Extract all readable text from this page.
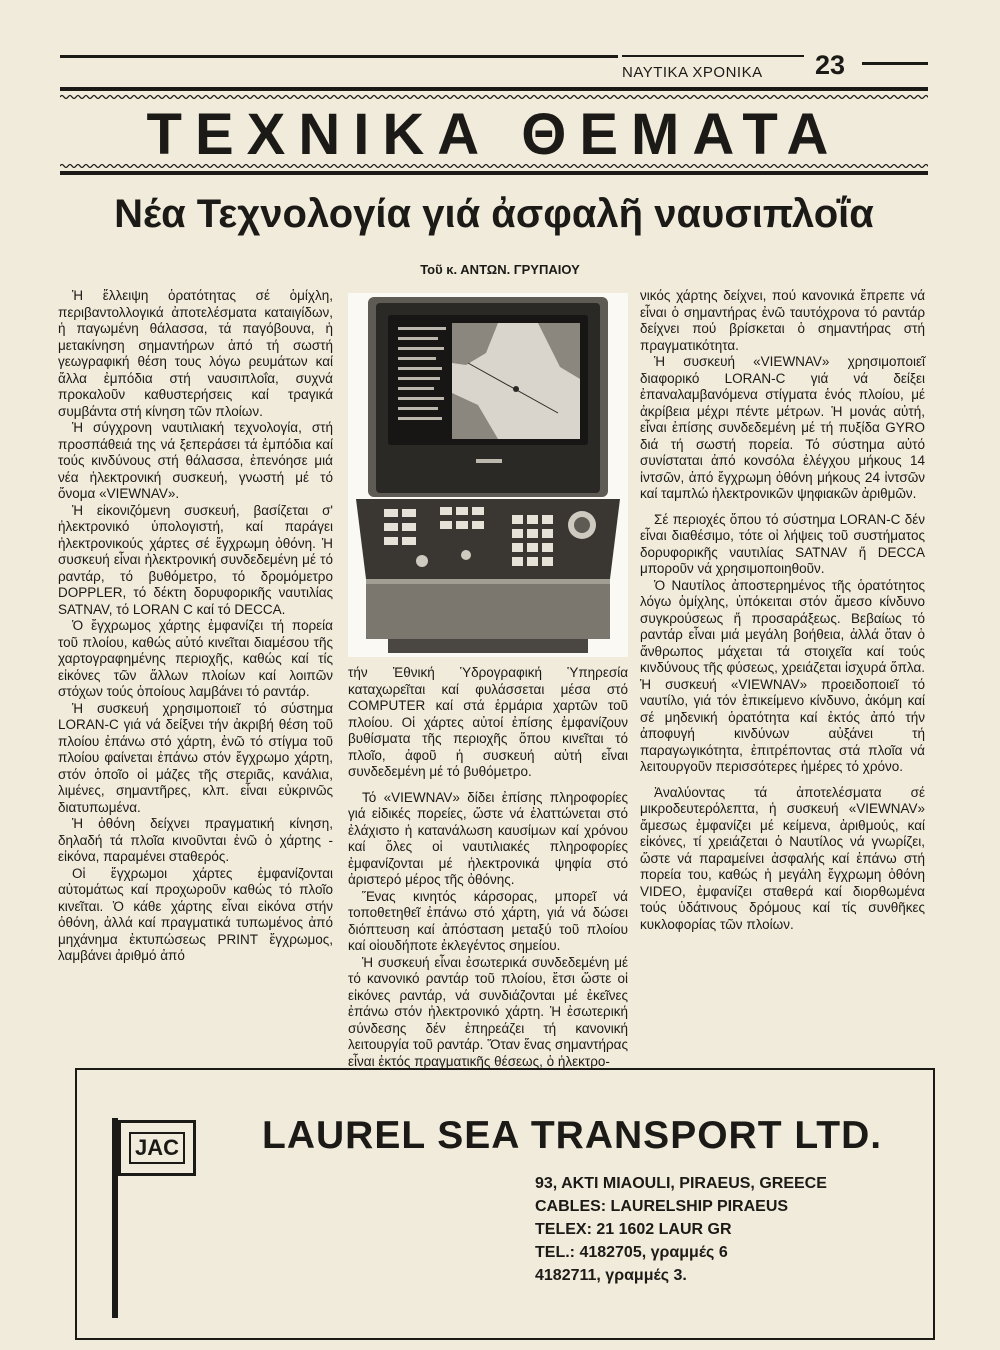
ΝΑΥΤΙΚΑ ΧΡΟΝΙΚΑ 23
ΤΕΧΝΙΚΑ ΘΕΜΑΤΑ
Νέα Τεχνολογία γιά ἀσφαλῆ ναυσιπλοΐα
Τοῦ κ. ΑΝΤΩΝ. ΓΡΥΠΑΙΟΥ

Ἡ ἔλλειψη ὁρατότητας σέ ὁμίχλη, περιβαντολλογικά ἀποτελέσματα καταιγίδων, ἡ παγωμένη θάλασσα, τά παγόβουνα, ἡ μετακίνηση σημαντήρων ἀπό τή σωστή γεωγραφική θέση τους λόγω ρευμάτων καί ἄλλα ἐμπόδια στή ναυσιπλοΐα, συχνά προκαλοῦν καθυστερήσεις καί τραγικά συμβάντα στή κίνηση τῶν πλοίων.

Ἡ σύγχρονη ναυτιλιακή τεχνολογία, στή προσπάθειά της νά ξεπεράσει τά ἐμπόδια καί τούς κινδύνους στή θάλασσα, ἐπενόησε μιά νέα ἠλεκτρονική συσκευή, γνωστή μέ τό ὄνομα «VIEWNAV».

Ἡ εἰκονιζόμενη συσκευή, βασίζεται σ' ἠλεκτρονικό ὑπολογιστή, καί παράγει ἠλεκτρονικούς χάρτες σέ ἔγχρωμη ὀθόνη. Ἡ συσκευή εἶναι ἠλεκτρονική συνδεδεμένη μέ τό ραντάρ, τό βυθόμετρο, τό δρομόμετρο DOPPLER, τό δέκτη δορυφορικῆς ναυτιλίας SATNAV, τό LORAN C καί τό DECCA.

Ὁ ἔγχρωμος χάρτης ἐμφανίζει τή πορεία τοῦ πλοίου, καθώς αὐτό κινεῖται διαμέσου τῆς χαρτογραφημένης περιοχῆς, καθώς καί τίς εἰκόνες τῶν ἄλλων πλοίων καί λοιπῶν στόχων τούς ὁποίους λαμβάνει τό ραντάρ.

Ἡ συσκευή χρησιμοποιεῖ τό σύστημα LORAN-C γιά νά δείξνει τήν ἀκριβή θέση τοῦ πλοίου ἐπάνω στό χάρτη, ἐνῶ τό στίγμα τοῦ πλοίου φαίνεται ἐπάνω στόν ἔγχρωμο χάρτη, στόν ὁποῖο οἱ μάζες τῆς στεριᾶς, κανάλια, λιμένες, σημαντῆρες, κλπ. εἶναι εὐκρινῶς διατυπωμένα.

Ἡ ὀθόνη δείχνει πραγματική κίνηση, δηλαδή τά πλοῖα κινοῦνται ἐνῶ ὁ χάρτης - εἰκόνα, παραμένει σταθερός.

Οἱ ἔγχρωμοι χάρτες ἐμφανίζονται αὐτομάτως καί προχωροῦν καθώς τό πλοῖο κινεῖται. Ὁ κάθε χάρτης εἶναι εἰκόνα στήν ὀθόνη, ἀλλά καί πραγματικά τυπωμένος ἀπό μηχάνημα ἐκτυπώσεως PRINT ἔγχρωμος, λαμβάνει ἀριθμό ἀπό

τήν Ἐθνική Ὑδρογραφική Ὑπηρεσία καταχωρεῖται καί φυλάσσεται μέσα στό COMPUTER καί στά ἑρμάρια χαρτῶν τοῦ πλοίου. Οἱ χάρτες αὐτοί ἐπίσης ἐμφανίζουν βυθίσματα τῆς περιοχῆς ὅπου κινεῖται τό πλοῖο, ἀφοῦ ἡ συσκευή αὐτή εἶναι συνδεδεμένη μέ τό βυθόμετρο.

Τό «VIEWNAV» δίδει ἐπίσης πληροφορίες γιά εἰδικές πορείες, ὥστε νά ἐλαττώνεται στό ἐλάχιστο ἡ κατανάλωση καυσίμων καί χρόνου καί ὅλες οἱ ναυτιλιακές πληροφορίες ἐμφανίζονται μέ ἠλεκτρονικά ψηφία στό ἀριστερό μέρος τῆς ὀθόνης.

Ἕνας κινητός κάρσορας, μπορεῖ νά τοποθετηθεῖ ἐπάνω στό χάρτη, γιά νά δώσει διόπτευση καί ἀπόσταση μεταξύ τοῦ πλοίου καί οἱουδήποτε ἐκλεγέντος σημείου.

Ἡ συσκευή εἶναι ἐσωτερικά συνδεδεμένη μέ τό κανονικό ραντάρ τοῦ πλοίου, ἔτσι ὥστε οἱ εἰκόνες ραντάρ, νά συνδιάζονται μέ ἐκεῖνες ἐπάνω στόν ἠλεκτρονικό χάρτη. Ἡ ἐσωτερική σύνδεσης δέν ἐπηρεάζει τή κανονική λειτουργία τοῦ ραντάρ. Ὅταν ἕνας σημαντήρας εἶναι ἐκτός πραγματικῆς θέσεως, ὁ ἠλεκτρο-

νικός χάρτης δείχνει, πού κανονικά ἔπρεπε νά εἶναι ὁ σημαντήρας ἐνῶ ταυτόχρονα τό ραντάρ δείχνει πού βρίσκεται ὁ σημαντήρας στή πραγματικότητα.

Ἡ συσκευή «VIEWNAV» χρησιμοποιεῖ διαφορικό LORAN-C γιά νά δείξει ἐπαναλαμβανόμενα στίγματα ἑνός πλοίου, μέ ἀκρίβεια μέχρι πέντε μέτρων. Ἡ μονάς αὐτή, εἶναι ἐπίσης συνδεδεμένη μέ τή πυξίδα GYRO διά τή σωστή πορεία. Τό σύστημα αὐτό συνίσταται ἀπό κονσόλα ἐλέγχου μήκους 14 ἰντσῶν, ἀπό ἔγχρωμη ὀθόνη μήκους 24 ἰντσῶν καί ταμπλώ ἠλεκτρονικῶν ψηφιακῶν ἀριθμῶν.

Σέ περιοχές ὅπου τό σύστημα LORAN-C δέν εἶναι διαθέσιμο, τότε οἱ λήψεις τοῦ συστήματος δορυφορικῆς ναυτιλίας SATNAV ἤ DECCA μποροῦν νά χρησιμοποιηθοῦν.

Ὁ Ναυτίλος ἀποστερημένος τῆς ὁρατότητος λόγω ὁμίχλης, ὑπόκειται στόν ἄμεσο κίνδυνο συγκρούσεως ἤ προσαράξεως. Βεβαίως τό ραντάρ εἶναι μιά μεγάλη βοήθεια, ἀλλά ὅταν ὁ ἄνθρωπος μάχεται τά στοιχεῖα καί τούς κινδύνους τῆς φύσεως, χρειάζεται ἰσχυρά ὅπλα. Ἡ συσκευή «VIEWNAV» προειδοποιεῖ τό ναυτίλο, γιά τόν ἐπικείμενο κίνδυνο, ἀκόμη καί σέ μηδενική ὁρατότητα καί ἐκτός ἀπό τήν ἀποφυγή κινδύνων αὐξάνει τή παραγωγικότητα, ἐπιτρέποντας στά πλοῖα νά λειτουργοῦν περισσότερες ἡμέρες τό χρόνο.

Ἀναλύοντας τά ἀποτελέσματα σέ μικροδευτερόλεπτα, ἡ συσκευή «VIEWNAV» ἄμεσως ἐμφανίζει μέ κείμενα, ἀριθμούς, καί εἰκόνες, τί χρειάζεται ὁ Ναυτίλος νά γνωρίζει, ὥστε νά παραμείνει ἀσφαλής καί ἐπάνω στή πορεία του, καθώς ἡ μεγάλη ἔγχρωμη ὀθόνη VIDEO, ἐμφανίζει σταθερά καί διορθωμένα τούς ὑδάτινους δρόμους καί τίς συνθῆκες κυκλοφορίας τῶν πλοίων.

JAC LAUREL SEA TRANSPORT LTD.
93, AKTI MIAOULI, PIRAEUS, GREECE
CABLES: LAURELSHIP PIRAEUS
TELEX: 21 1602 LAUR GR
TEL.: 4182705, γραμμές 6
4182711, γραμμές 3.
